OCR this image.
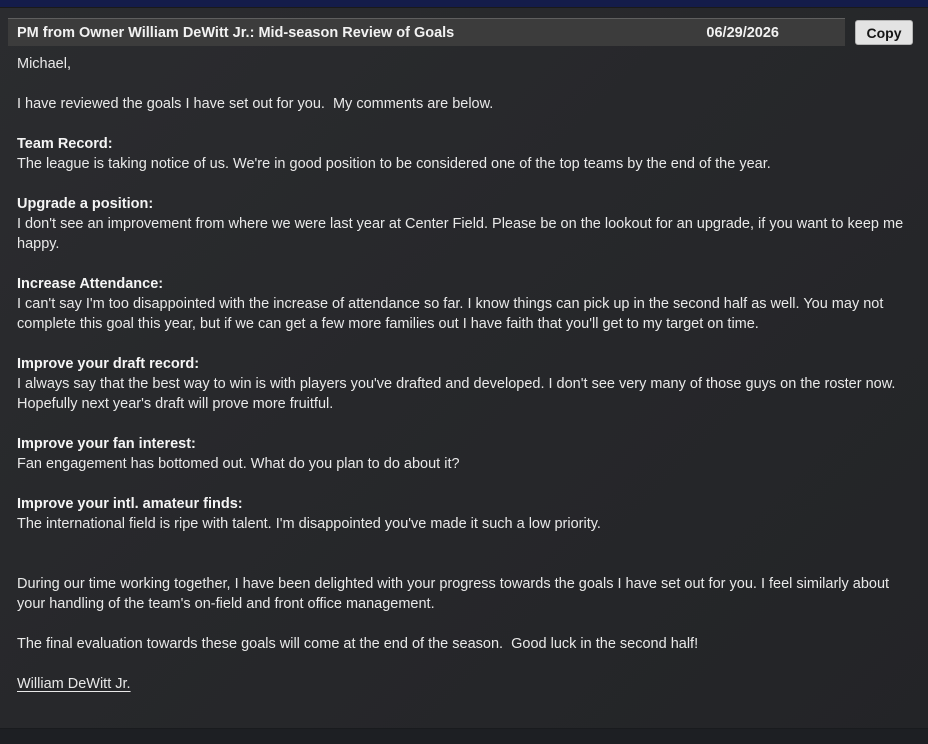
PM from Owner William DeWitt Jr.: Mid-season Review of Goals	06/29/2026	Copy

Michael,

I have reviewed the goals I have set out for you.  My comments are below.

Team Record:
The league is taking notice of us. We're in good position to be considered one of the top teams by the end of the year.
Upgrade a position:
I don't see an improvement from where we were last year at Center Field. Please be on the lookout for an upgrade, if you want to keep me happy.
Increase Attendance:
I can't say I'm too disappointed with the increase of attendance so far. I know things can pick up in the second half as well. You may not complete this goal this year, but if we can get a few more families out I have faith that you'll get to my target on time.
Improve your draft record:
I always say that the best way to win is with players you've drafted and developed. I don't see very many of those guys on the roster now. Hopefully next year's draft will prove more fruitful.
Improve your fan interest:
Fan engagement has bottomed out. What do you plan to do about it?
Improve your intl. amateur finds:
The international field is ripe with talent. I'm disappointed you've made it such a low priority.

During our time working together, I have been delighted with your progress towards the goals I have set out for you. I feel similarly about your handling of the team's on-field and front office management.

The final evaluation towards these goals will come at the end of the season.  Good luck in the second half!

William DeWitt Jr.
